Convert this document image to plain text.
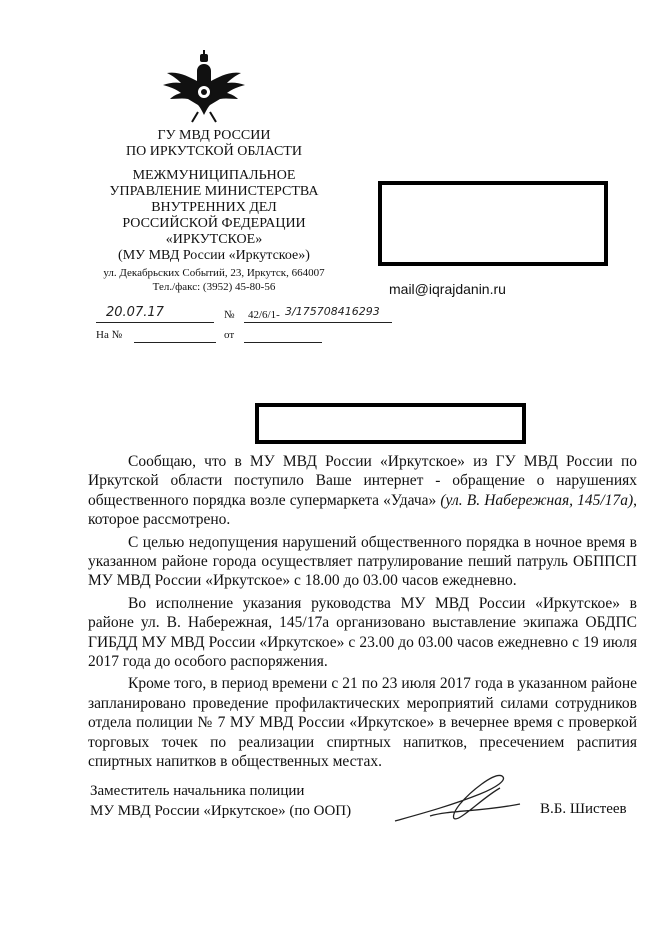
ГУ МВД РОССИИ
ПО ИРКУТСКОЙ ОБЛАСТИ
МЕЖМУНИЦИПАЛЬНОЕ
УПРАВЛЕНИЕ МИНИСТЕРСТВА
ВНУТРЕННИХ ДЕЛ
РОССИЙСКОЙ ФЕДЕРАЦИИ
«ИРКУТСКОЕ»
(МУ МВД России «Иркутское»)
ул. Декабрьских Событий, 23, Иркутск, 664007
Тел./факс: (3952) 45-80-56	mail@iqrajdanin.ru
20.07.17	№ 42/6/1- 3/175708416293
На №	от

Сообщаю, что в МУ МВД России «Иркутское» из ГУ МВД России по Иркутской области поступило Ваше интернет - обращение о нарушениях общественного порядка возле супермаркета «Удача» (ул. В. Набережная, 145/17а), которое рассмотрено.

С целью недопущения нарушений общественного порядка в ночное время в указанном районе города осуществляет патрулирование пеший патруль ОБППСП МУ МВД России «Иркутское» с 18.00 до 03.00 часов ежедневно.

Во исполнение указания руководства МУ МВД России «Иркутское» в районе ул. В. Набережная, 145/17а организовано выставление экипажа ОБДПС ГИБДД МУ МВД России «Иркутское» с 23.00 до 03.00 часов ежедневно с 19 июля 2017 года до особого распоряжения.

Кроме того, в период времени с 21 по 23 июля 2017 года в указанном районе запланировано проведение профилактических мероприятий силами сотрудников отдела полиции № 7 МУ МВД России «Иркутское» в вечернее время с проверкой торговых точек по реализации спиртных напитков, пресечением распития спиртных напитков в общественных местах.

Заместитель начальника полиции
МУ МВД России «Иркутское» (по ООП)	В.Б. Шистеев
